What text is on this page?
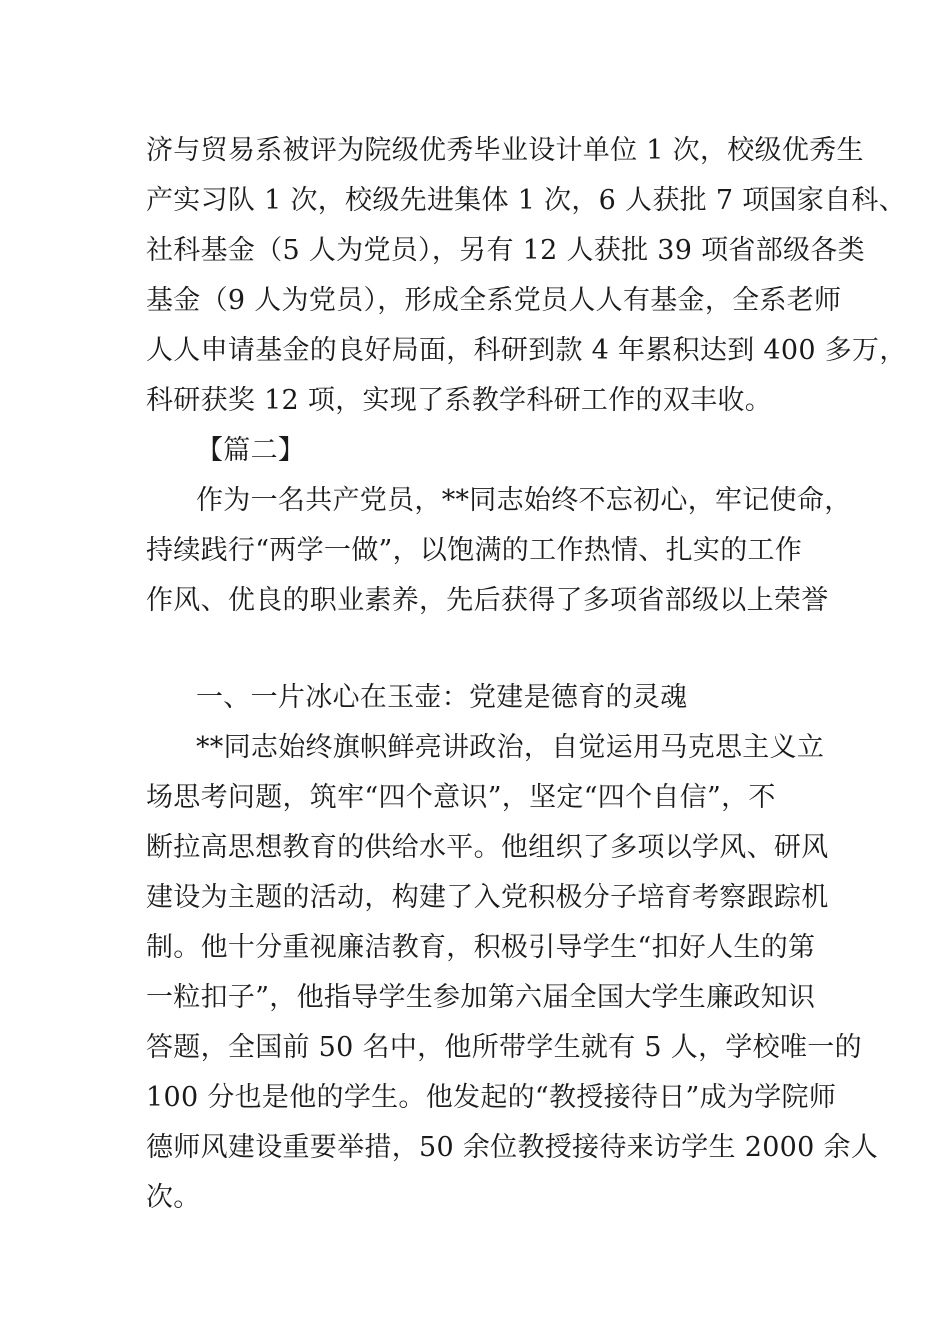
济与贸易系被评为院级优秀毕业设计单位 1 次，校级优秀生
产实习队 1 次，校级先进集体 1 次，6 人获批 7 项国家自科、
社科基金（5 人为党员），另有 12 人获批 39 项省部级各类
基金（9 人为党员），形成全系党员人人有基金，全系老师
人人申请基金的良好局面，科研到款 4 年累积达到 400 多万，
科研获奖 12 项，实现了系教学科研工作的双丰收。
【篇二】
作为一名共产党员，**同志始终不忘初心，牢记使命，
持续践行“两学一做”，以饱满的工作热情、扎实的工作
作风、优良的职业素养，先后获得了多项省部级以上荣誉
一、一片冰心在玉壶：党建是德育的灵魂
**同志始终旗帜鲜亮讲政治，自觉运用马克思主义立
场思考问题，筑牢“四个意识”，坚定“四个自信”，不
断拉高思想教育的供给水平。他组织了多项以学风、研风
建设为主题的活动，构建了入党积极分子培育考察跟踪机
制。他十分重视廉洁教育，积极引导学生“扣好人生的第
一粒扣子”，他指导学生参加第六届全国大学生廉政知识
答题，全国前 50 名中，他所带学生就有 5 人，学校唯一的
100 分也是他的学生。他发起的“教授接待日”成为学院师
德师风建设重要举措，50 余位教授接待来访学生 2000 余人
次。
